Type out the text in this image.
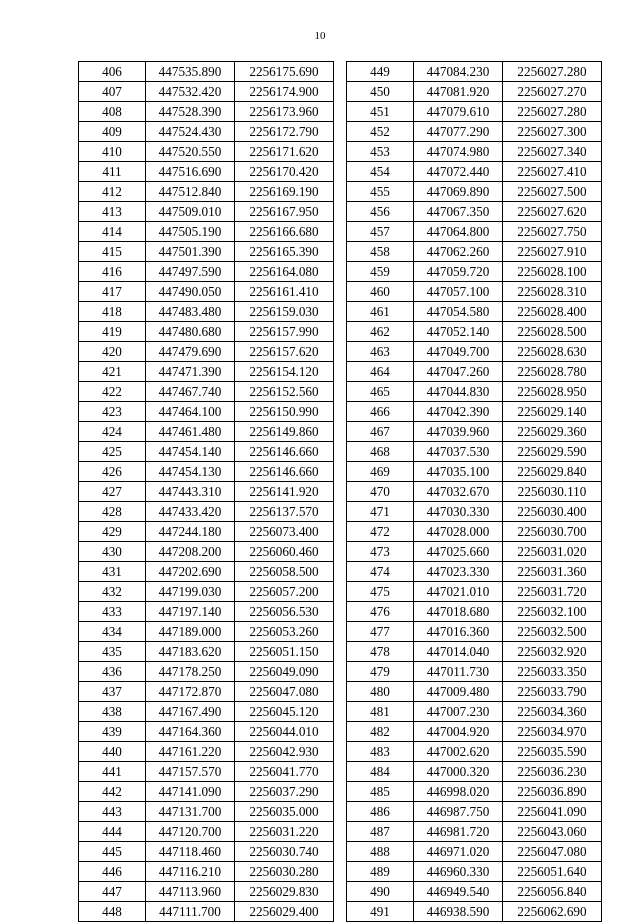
10
406	447535.890	2256175.690
407	447532.420	2256174.900
408	447528.390	2256173.960
409	447524.430	2256172.790
410	447520.550	2256171.620
411	447516.690	2256170.420
412	447512.840	2256169.190
413	447509.010	2256167.950
414	447505.190	2256166.680
415	447501.390	2256165.390
416	447497.590	2256164.080
417	447490.050	2256161.410
418	447483.480	2256159.030
419	447480.680	2256157.990
420	447479.690	2256157.620
421	447471.390	2256154.120
422	447467.740	2256152.560
423	447464.100	2256150.990
424	447461.480	2256149.860
425	447454.140	2256146.660
426	447454.130	2256146.660
427	447443.310	2256141.920
428	447433.420	2256137.570
429	447244.180	2256073.400
430	447208.200	2256060.460
431	447202.690	2256058.500
432	447199.030	2256057.200
433	447197.140	2256056.530
434	447189.000	2256053.260
435	447183.620	2256051.150
436	447178.250	2256049.090
437	447172.870	2256047.080
438	447167.490	2256045.120
439	447164.360	2256044.010
440	447161.220	2256042.930
441	447157.570	2256041.770
442	447141.090	2256037.290
443	447131.700	2256035.000
444	447120.700	2256031.220
445	447118.460	2256030.740
446	447116.210	2256030.280
447	447113.960	2256029.830
448	447111.700	2256029.400
449	447084.230	2256027.280
450	447081.920	2256027.270
451	447079.610	2256027.280
452	447077.290	2256027.300
453	447074.980	2256027.340
454	447072.440	2256027.410
455	447069.890	2256027.500
456	447067.350	2256027.620
457	447064.800	2256027.750
458	447062.260	2256027.910
459	447059.720	2256028.100
460	447057.100	2256028.310
461	447054.580	2256028.400
462	447052.140	2256028.500
463	447049.700	2256028.630
464	447047.260	2256028.780
465	447044.830	2256028.950
466	447042.390	2256029.140
467	447039.960	2256029.360
468	447037.530	2256029.590
469	447035.100	2256029.840
470	447032.670	2256030.110
471	447030.330	2256030.400
472	447028.000	2256030.700
473	447025.660	2256031.020
474	447023.330	2256031.360
475	447021.010	2256031.720
476	447018.680	2256032.100
477	447016.360	2256032.500
478	447014.040	2256032.920
479	447011.730	2256033.350
480	447009.480	2256033.790
481	447007.230	2256034.360
482	447004.920	2256034.970
483	447002.620	2256035.590
484	447000.320	2256036.230
485	446998.020	2256036.890
486	446987.750	2256041.090
487	446981.720	2256043.060
488	446971.020	2256047.080
489	446960.330	2256051.640
490	446949.540	2256056.840
491	446938.590	2256062.690
